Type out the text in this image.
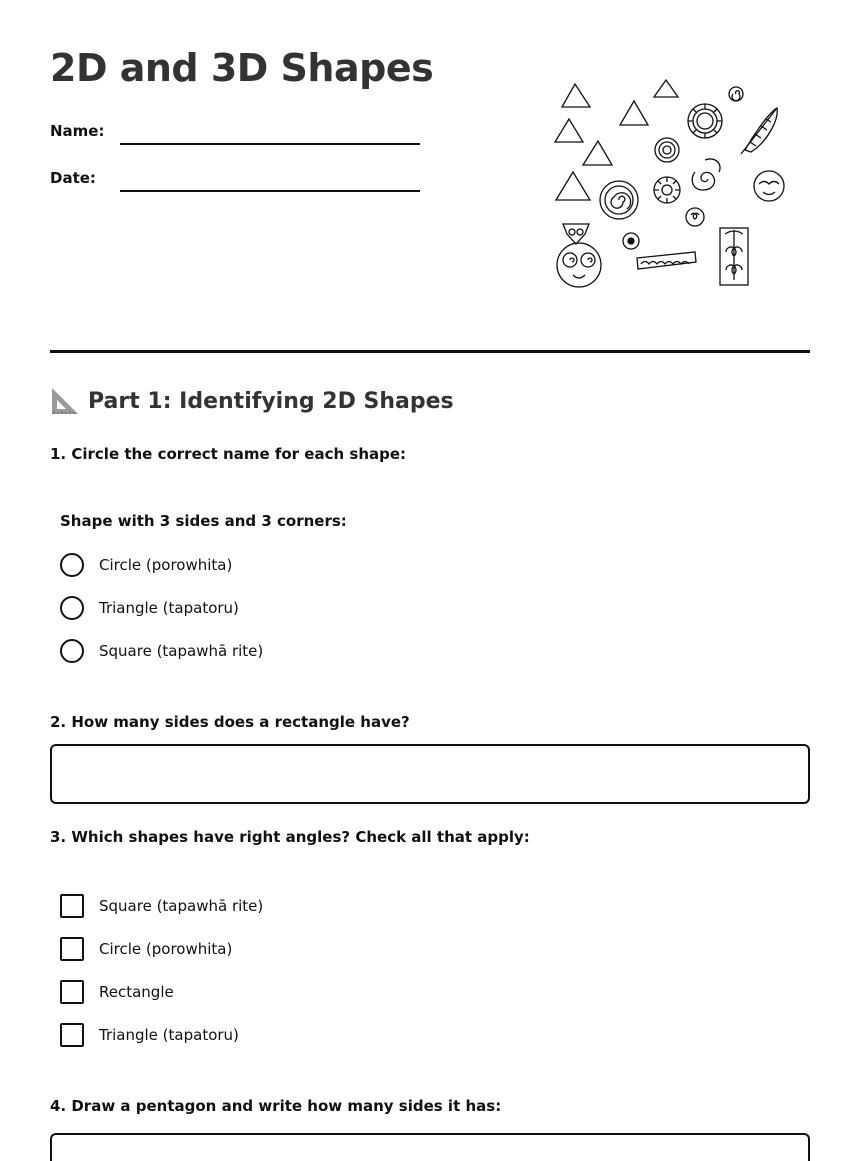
2D and 3D Shapes
Name:
Date:
Part 1: Identifying 2D Shapes

1. Circle the correct name for each shape:

Shape with 3 sides and 3 corners:

Circle (porowhita)
Triangle (tapatoru)
Square (tapawhā rite)

2. How many sides does a rectangle have?

3. Which shapes have right angles? Check all that apply:

Square (tapawhā rite)
Circle (porowhita)
Rectangle
Triangle (tapatoru)

4. Draw a pentagon and write how many sides it has:
